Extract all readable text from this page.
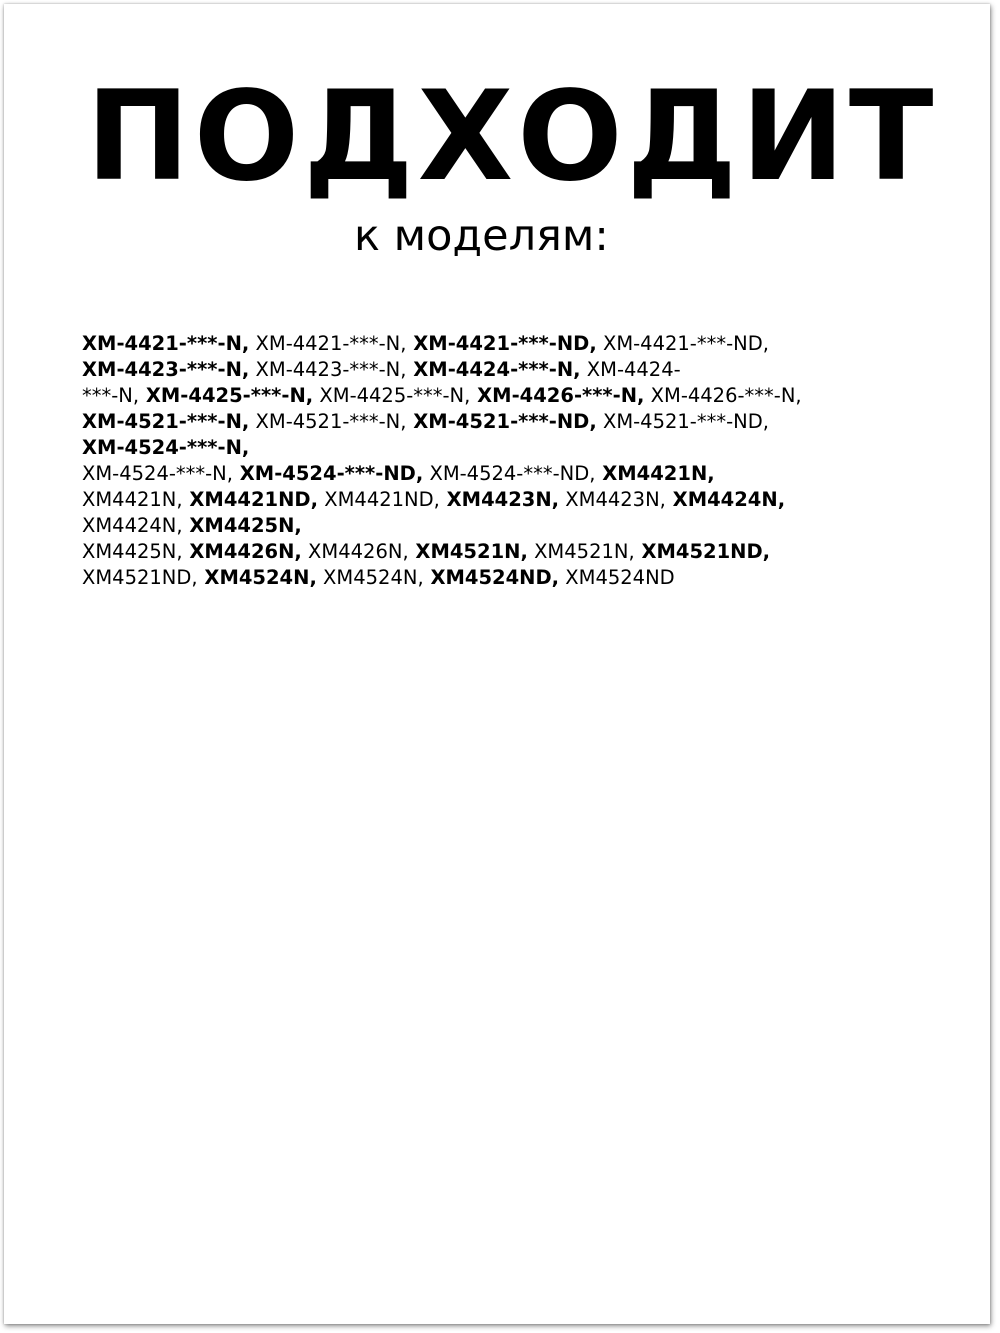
ПОДХОДИТ

к моделям:

XM-4421-***-N, XM-4421-***-N, XM-4421-***-ND, XM-4421-***-ND,
XM-4423-***-N, XM-4423-***-N, XM-4424-***-N, XM-4424-
***-N, XM-4425-***-N, XM-4425-***-N, XM-4426-***-N, XM-4426-***-N,
XM-4521-***-N, XM-4521-***-N, XM-4521-***-ND, XM-4521-***-ND,
XM-4524-***-N,
XM-4524-***-N, XM-4524-***-ND, XM-4524-***-ND, XM4421N,
XM4421N, XM4421ND, XM4421ND, XM4423N, XM4423N, XM4424N,
XM4424N, XM4425N,
XM4425N, XM4426N, XM4426N, XM4521N, XM4521N, XM4521ND,
XM4521ND, XM4524N, XM4524N, XM4524ND, XM4524ND
